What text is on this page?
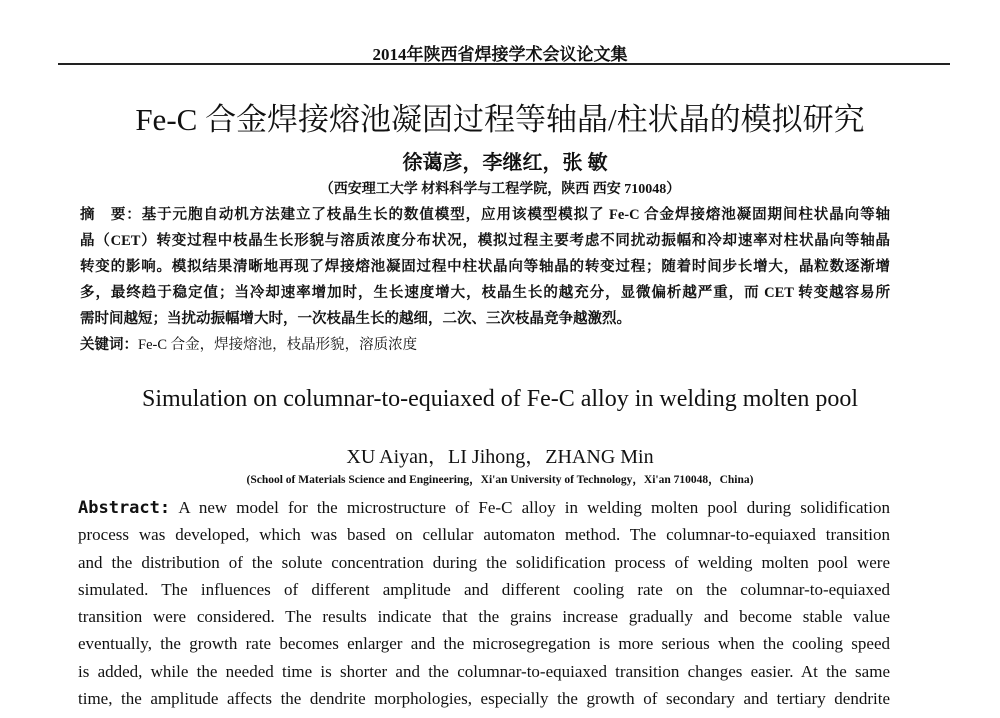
2014年陕西省焊接学术会议论文集
Fe-C 合金焊接熔池凝固过程等轴晶/柱状晶的模拟研究
徐蔼彦，李继红，张 敏
（西安理工大学 材料科学与工程学院，陕西 西安 710048）
摘　要：基于元胞自动机方法建立了枝晶生长的数值模型，应用该模型模拟了 Fe-C 合金焊接熔池凝固期间柱状晶向等轴
晶（CET）转变过程中枝晶生长形貌与溶质浓度分布状况，模拟过程主要考虑不同扰动振幅和冷却速率对柱状晶向等轴晶
转变的影响。模拟结果清晰地再现了焊接熔池凝固过程中柱状晶向等轴晶的转变过程；随着时间步长增大，晶粒数逐渐增
多，最终趋于稳定值；当冷却速率增加时，生长速度增大，枝晶生长的越充分，显微偏析越严重，而 CET 转变越容易所
需时间越短；当扰动振幅增大时，一次枝晶生长的越细，二次、三次枝晶竞争越激烈。
关键词：Fe-C 合金，焊接熔池，枝晶形貌，溶质浓度
Simulation on columnar-to-equiaxed of Fe-C alloy in welding molten pool
XU Aiyan，LI Jihong，ZHANG Min
(School of Materials Science and Engineering，Xi'an University of Technology，Xi'an 710048，China)
Abstract: A new model for the microstructure of Fe-C alloy in welding molten pool during solidification
process was developed, which was based on cellular automaton method. The columnar-to-equiaxed transition
and the distribution of the solute concentration during the solidification process of welding molten pool were
simulated. The influences of different amplitude and different cooling rate on the columnar-to-equiaxed
transition were considered. The results indicate that the grains increase gradually and become stable value
eventually, the growth rate becomes enlarger and the microsegregation is more serious when the cooling speed
is added, while the needed time is shorter and the columnar-to-equiaxed transition changes easier. At the same
time, the amplitude affects the dendrite morphologies, especially the growth of secondary and tertiary dendrite
